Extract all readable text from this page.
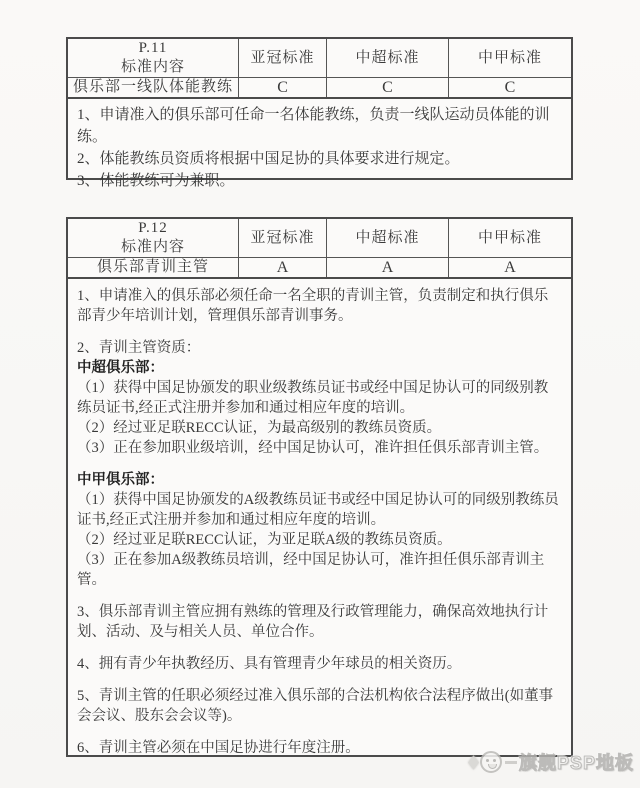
P.11
标准内容
亚冠标准	中超标准	中甲标准
俱乐部一线队体能教练	C	C	C

1、申请准入的俱乐部可任命一名体能教练，负责一线队运动员体能的训练。

2、体能教练员资质将根据中国足协的具体要求进行规定。

3、体能教练可为兼职。

P.12
标准内容
亚冠标准	中超标准	中甲标准
俱乐部青训主管	A	A	A

1、申请准入的俱乐部必须任命一名全职的青训主管，负责制定和执行俱乐部青少年培训计划，管理俱乐部青训事务。

2、青训主管资质：

中超俱乐部：

（1）获得中国足协颁发的职业级教练员证书或经中国足协认可的同级别教练员证书,经正式注册并参加和通过相应年度的培训。

（2）经过亚足联RECC认证，为最高级别的教练员资质。

（3）正在参加职业级培训，经中国足协认可，准许担任俱乐部青训主管。

中甲俱乐部：

（1）获得中国足协颁发的A级教练员证书或经中国足协认可的同级别教练员证书,经正式注册并参加和通过相应年度的培训。

（2）经过亚足联RECC认证，为亚足联A级的教练员资质。

（3）正在参加A级教练员培训，经中国足协认可，准许担任俱乐部青训主管。

3、俱乐部青训主管应拥有熟练的管理及行政管理能力，确保高效地执行计划、活动、及与相关人员、单位合作。

4、拥有青少年执教经历、具有管理青少年球员的相关资历。

5、青训主管的任职必须经过准入俱乐部的合法机构依合法程序做出(如董事会会议、股东会会议等)。

6、青训主管必须在中国足协进行年度注册。

旗舰PSP地板
